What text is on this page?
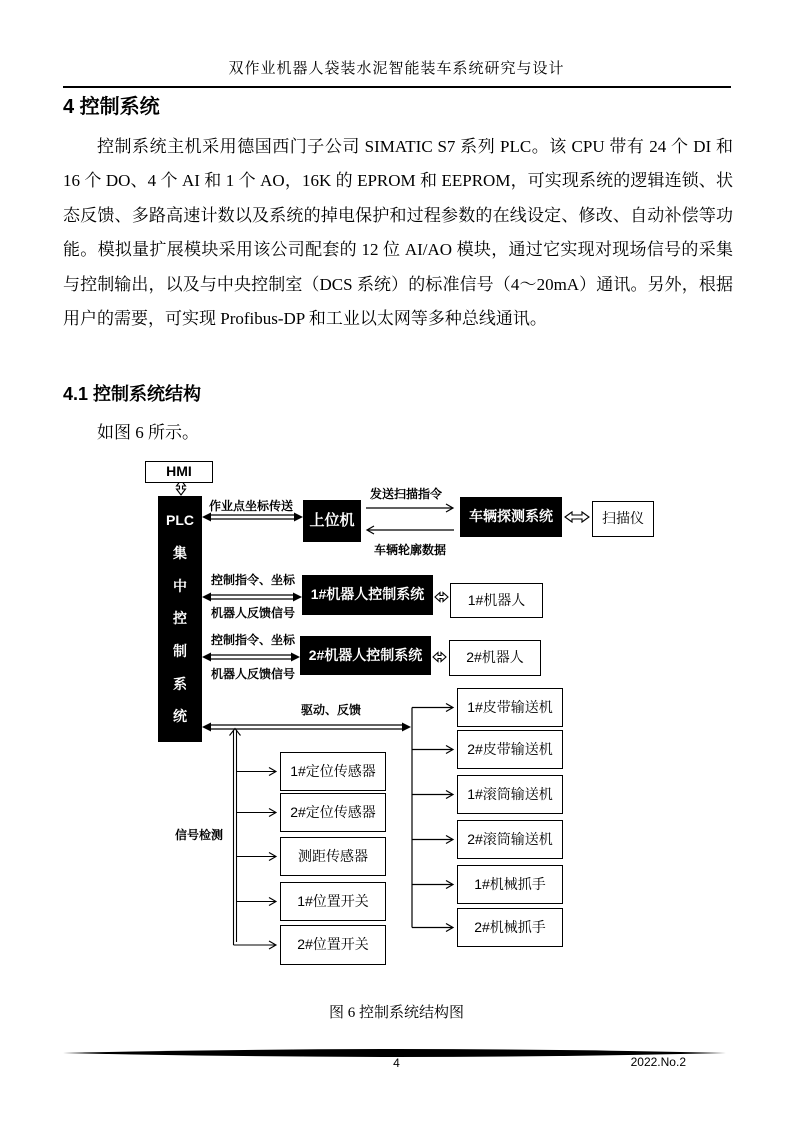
双作业机器人袋装水泥智能装车系统研究与设计
4 控制系统
控制系统主机采用德国西门子公司 SIMATIC S7 系列 PLC。该 CPU 带有 24 个 DI 和 16 个 DO、4 个 AI 和 1 个 AO，16K 的 EPROM 和 EEPROM，可实现系统的逻辑连锁、状态反馈、多路高速计数以及系统的掉电保护和过程参数的在线设定、修改、自动补偿等功能。模拟量扩展模块采用该公司配套的 12 位 AI/AO 模块，通过它实现对现场信号的采集与控制输出，以及与中央控制室（DCS 系统）的标准信号（4～20mA）通讯。另外，根据用户的需要，可实现 Profibus-DP 和工业以太网等多种总线通讯。
4.1 控制系统结构
如图 6 所示。
HMI
PLC
集
中
控
制
系
统
上位机	车辆探测系统	扫描仪
1#机器人控制系统	1#机器人
2#机器人控制系统	2#机器人
1#皮带输送机
2#皮带输送机
1#滚筒输送机
2#滚筒输送机
1#机械抓手
2#机械抓手
1#定位传感器
2#定位传感器
测距传感器
1#位置开关
2#位置开关
作业点坐标传送
发送扫描指令
车辆轮廓数据
控制指令、坐标
机器人反馈信号
控制指令、坐标
机器人反馈信号
驱动、反馈
信号检测
图 6 控制系统结构图
4	2022.No.2
